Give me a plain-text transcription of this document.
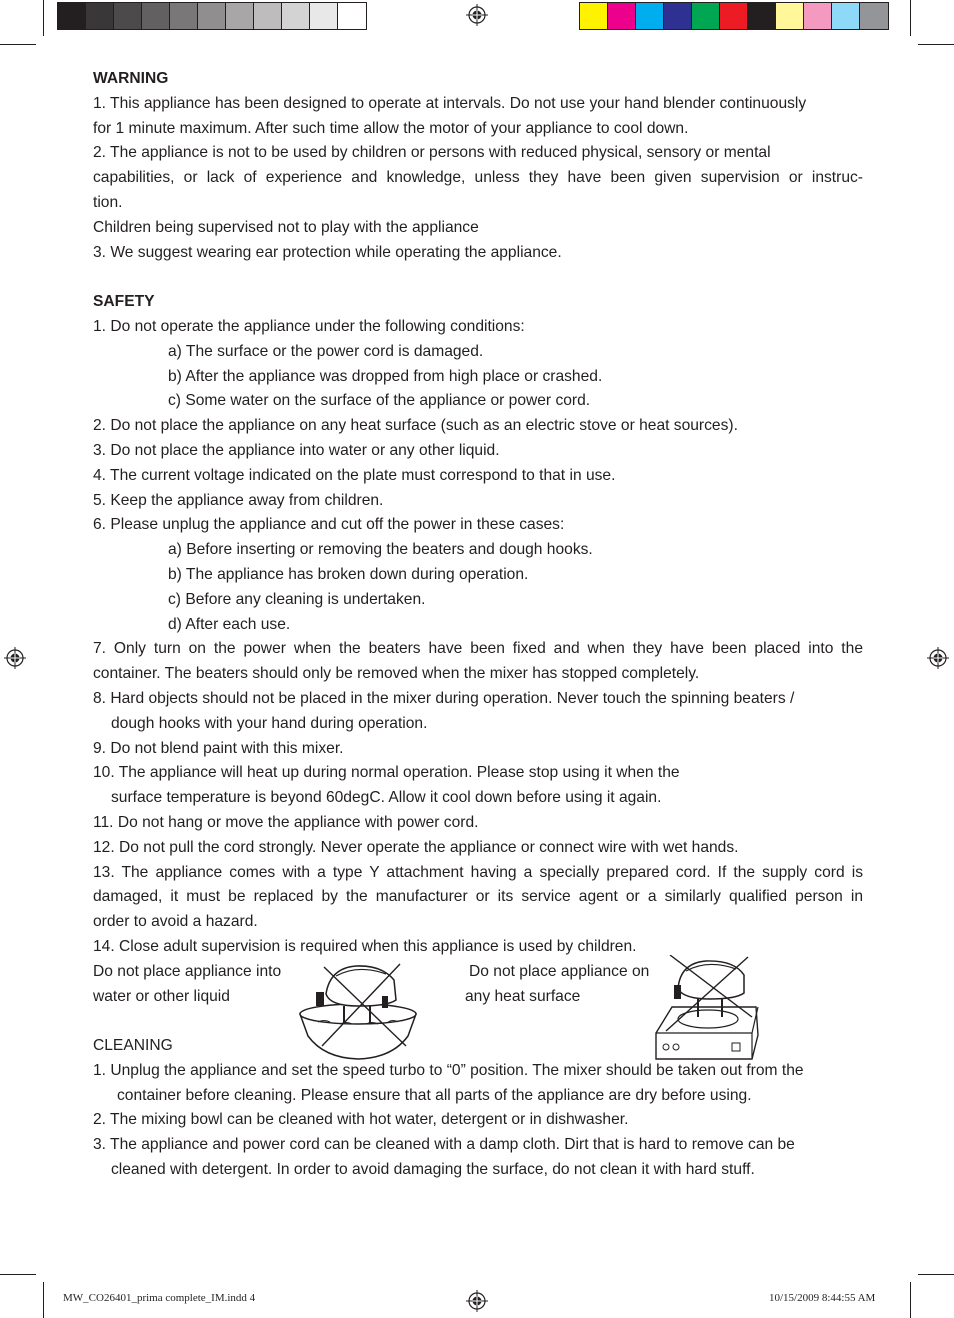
WARNING
1. This appliance has been designed to operate at intervals. Do not use your hand blender continuously
for 1 minute maximum. After such time allow the motor of your appliance to cool down.
2. The appliance is not to be used by children or persons with reduced physical, sensory or mental
capabilities, or lack of experience and knowledge, unless they have been given supervision or instruc-
tion.
Children being supervised not to play with the appliance
3. We suggest wearing ear protection while operating the appliance.
SAFETY
1. Do not operate the appliance under the following conditions:
a) The surface or the power cord is damaged.
b) After the appliance was dropped from high place or crashed.
c) Some water on the surface of the appliance or power cord.
2. Do not place the appliance on any heat surface (such as an electric stove or heat sources).
3. Do not place the appliance into water or any other liquid.
4. The current voltage indicated on the plate must correspond to that in use.
5. Keep the appliance away from children.
6. Please unplug the appliance and cut off the power in these cases:
a) Before inserting or removing the beaters and dough hooks.
b) The appliance has broken down during operation.
c) Before any cleaning is undertaken.
d) After each use.
7. Only turn on the power when the beaters have been fixed and when they have been placed into the
container. The beaters should only be removed when the mixer has stopped completely.
8. Hard objects should not be placed in the mixer during operation. Never touch the spinning beaters /
dough hooks with your hand during operation.
9. Do not blend paint with this mixer.
10. The appliance will heat up during normal operation. Please stop using it when the
surface temperature is beyond 60degC. Allow it cool down before using it again.
11. Do not hang or move the appliance with power cord.
12. Do not pull the cord strongly. Never operate the appliance or connect wire with wet hands.
13. The appliance comes with a type Y attachment having a specially prepared cord. If the supply cord is
damaged, it must be replaced by the manufacturer or its service agent or a similarly qualified person in
order to avoid a hazard.
14. Close adult supervision is required when this appliance is used by children.
Do not place appliance into
water or other liquid
Do not place appliance on
any heat surface
CLEANING
1. Unplug the appliance and set the speed turbo to “0” position. The mixer should be taken out from the
container before cleaning. Please ensure that all parts of the appliance are dry before using.
2. The mixing bowl can be cleaned with hot water, detergent or in dishwasher.
3. The appliance and power cord can be cleaned with a damp cloth. Dirt that is hard to remove can be
cleaned with detergent. In order to avoid damaging the surface, do not clean it with hard stuff.
MW_CO26401_prima complete_IM.indd 4	10/15/2009 8:44:55 AM
